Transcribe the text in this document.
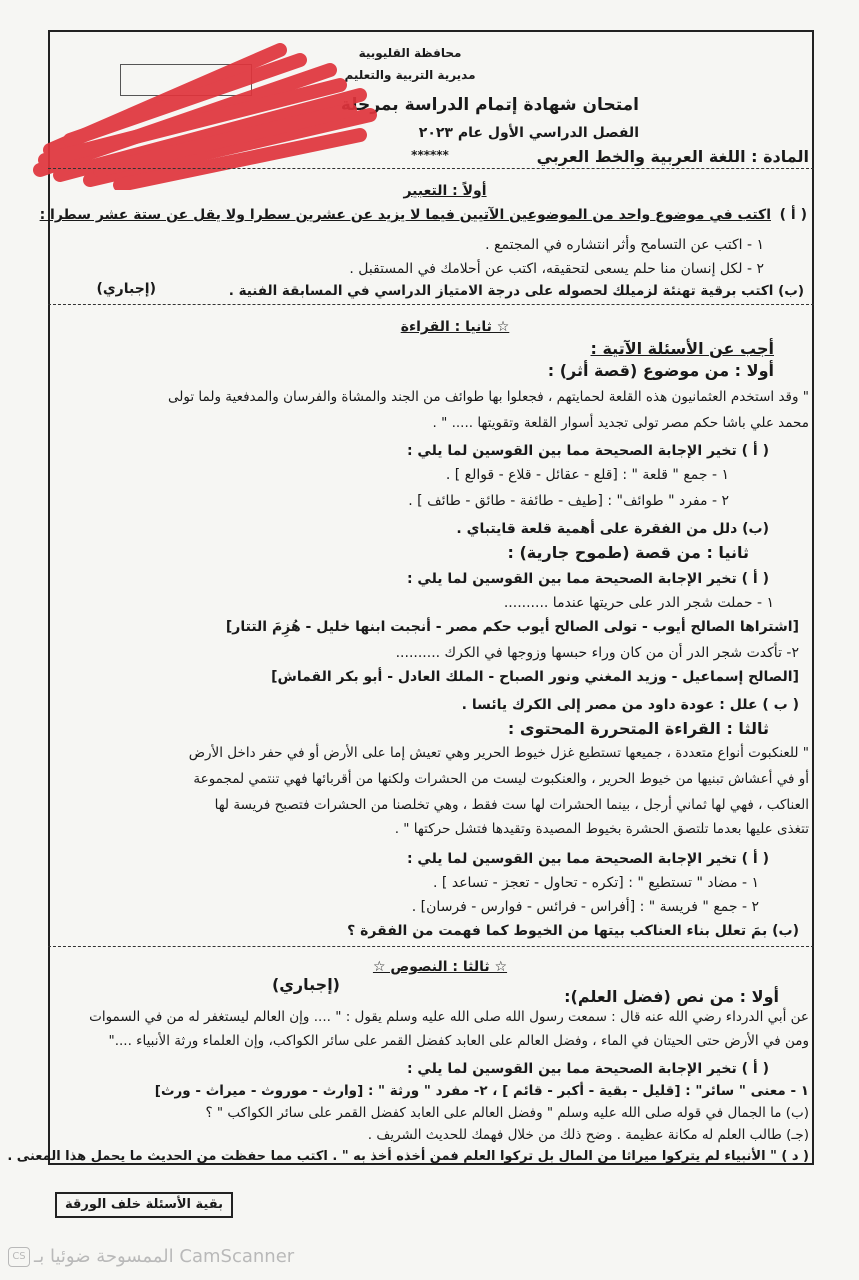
محافظة القليوبية
مديرية التربية والتعليم
امتحان شهادة إتمام الدراسة بمرحلة
الفصل الدراسي الأول عام ٢٠٢٣
******	المادة : اللغة العربية والخط العربي
أولاً : التعبير
( أ )
اكتب في موضوع واحد من الموضوعين الآتيين فيما لا يزيد عن عشرين سطرا ولا يقل عن ستة عشر سطرا :
١ - اكتب عن التسامح وأثر انتشاره في المجتمع .
٢ - لكل إنسان منا حلم يسعى لتحقيقه، اكتب عن أحلامك في المستقبل .
(ب) اكتب برقية تهنئة لزميلك لحصوله على درجة الامتياز الدراسي في المسابقة الفنية .
(إجباري)
☆ ثانيا : القراءة
أجب عن الأسئلة الآتية :
أولا : من موضوع (قصة أثر) :
" وقد استخدم العثمانيون هذه القلعة لحمايتهم ، فجعلوا بها طوائف من الجند والمشاة والفرسان والمدفعية ولما تولى
محمد علي باشا حكم مصر تولى تجديد أسوار القلعة وتقويتها ..... " .
( أ ) تخير الإجابة الصحيحة مما بين القوسين لما يلي :
١ - جمع " قلعة " : [قلع - عقائل - قلاع - قوالع ] .
٢ - مفرد " طوائف" : [طيف - طائفة - طائق - طائف ] .
(ب) دلل من الفقرة على أهمية قلعة قايتباي .
ثانيا : من قصة (طموح جارية) :
( أ ) تخير الإجابة الصحيحة مما بين القوسين لما يلي :
١ - حملت شجر الدر على حريتها عندما ..........
[اشتراها الصالح أيوب - تولى الصالح أيوب حكم مصر - أنجبت ابنها خليل - هُزِمَ التتار]
٢- تأكدت شجر الدر أن من كان وراء حبسها وزوجها في الكرك ..........
[الصالح إسماعيل - وزيد المغني ونور الصباح - الملك العادل - أبو بكر القماش]
( ب ) علل : عودة داود من مصر إلى الكرك يائسا .
ثالثا : القراءة المتحررة المحتوى :
" للعنكبوت أنواع متعددة ، جميعها تستطيع غزل خيوط الحرير وهي تعيش إما على الأرض أو في حفر داخل الأرض
أو في أعشاش تبنيها من خيوط الحرير ، والعنكبوت ليست من الحشرات ولكنها من أقربائها فهي تنتمي لمجموعة
العناكب ، فهي لها ثماني أرجل ، بينما الحشرات لها ست فقط ، وهي تخلصنا من الحشرات فتصبح فريسة لها
تتغذى عليها بعدما تلتصق الحشرة بخيوط المصيدة وتقيدها فتشل حركتها " .
( أ ) تخير الإجابة الصحيحة مما بين القوسين لما يلي :
١ - مضاد " تستطيع " : [تكره - تحاول - تعجز - تساعد ] .
٢ - جمع " فريسة " : [أفراس - فرائس - فوارس - فرسان] .
(ب) بمَ تعلل بناء العناكب بيتها من الخيوط كما فهمت من الفقرة ؟
☆ ثالثا : النصوص ☆
(إجباري)
أولا : من نص (فضل العلم):
عن أبي الدرداء رضي الله عنه قال : سمعت رسول الله صلى الله عليه وسلم يقول : " .... وإن العالم ليستغفر له من في السموات
ومن في الأرض حتى الحيتان في الماء ، وفضل العالم على العابد كفضل القمر على سائر الكواكب، وإن العلماء ورثة الأنبياء ...."
( أ ) تخير الإجابة الصحيحة مما بين القوسين لما يلي :
١ - معنى " سائر" : [قليل - بقية - أكبر - قائم ] ، ٢- مفرد " ورثة " : [وارث - موروث - ميراث - ورث]
(ب) ما الجمال في قوله صلى الله عليه وسلم " وفضل العالم على العابد كفضل القمر على سائر الكواكب " ؟
(جـ) طالب العلم له مكانة عظيمة . وضح ذلك من خلال فهمك للحديث الشريف .
( د ) " الأنبياء لم يتركوا ميراثا من المال بل تركوا العلم فمن أخذه أخذ به " . اكتب مما حفظت من الحديث ما يحمل هذا المعنى .
بقية الأسئلة خلف الورقة
CS الممسوحة ضوئيا بـ CamScanner
